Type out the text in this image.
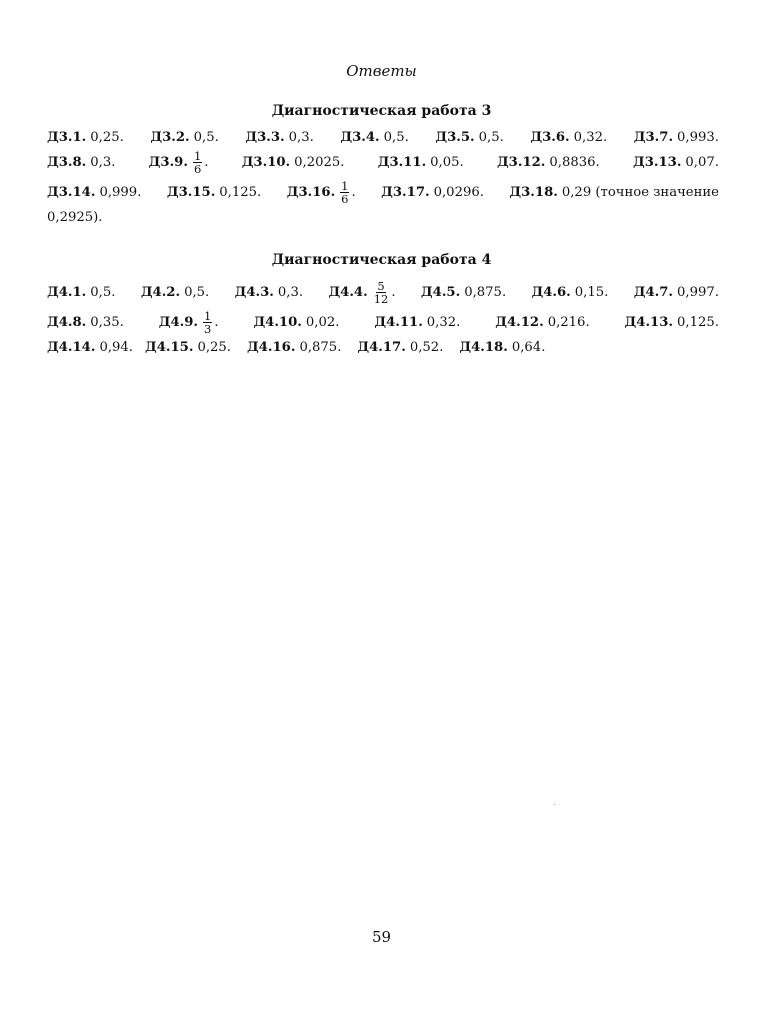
Ответы
Диагностическая работа 3
Д3.1. 0,25. Д3.2. 0,5. Д3.3. 0,3. Д3.4. 0,5. Д3.5. 0,5. Д3.6. 0,32. Д3.7. 0,993.
Д3.8. 0,3.	Д3.9. $\frac{1}{6}$ .	Д3.10. 0,2025.	Д3.11. 0,05.	Д3.12. 0,8836.	Д3.13. 0,07.
Д3.14. 0,999. Д3.15. 0,125. Д3.16. $\frac{1}{6}$ . Д3.17. 0,0296. Д3.18. 0,29 (точное значение
0,2925).
Диагностическая работа 4
Д4.1. 0,5. Д4.2. 0,5. Д4.3. 0,3. Д4.4. $\frac{5}{12}$ . Д4.5. 0,875. Д4.6. 0,15. Д4.7. 0,997.
Д4.8. 0,35.	Д4.9. $\frac{1}{3}$ .	Д4.10. 0,02.	Д4.11. 0,32.	Д4.12. 0,216.	Д4.13. 0,125.
Д4.14. 0,94. Д4.15. 0,25. Д4.16. 0,875. Д4.17. 0,52. Д4.18. 0,64.
59
